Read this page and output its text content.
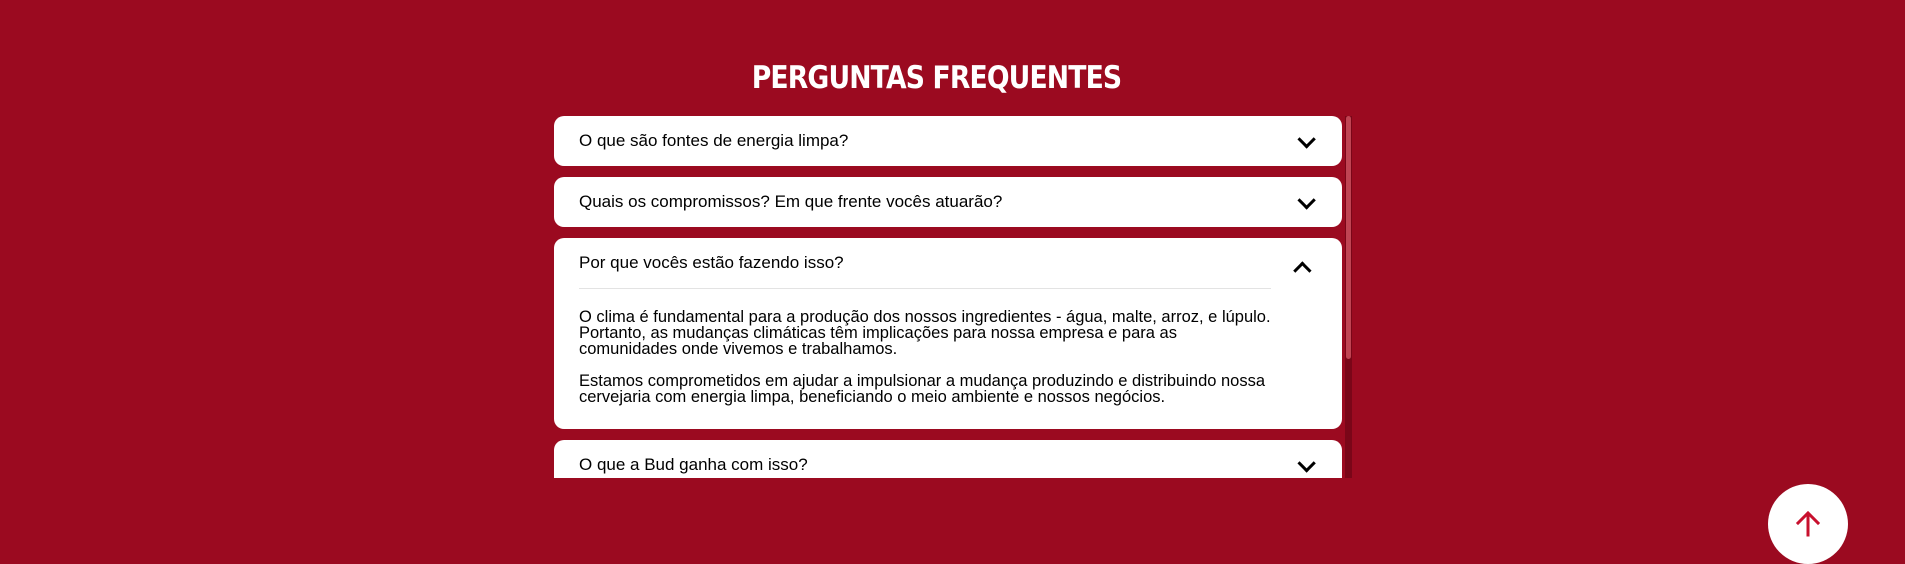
PERGUNTAS FREQUENTES
O que são fontes de energia limpa?
Quais os compromissos? Em que frente vocês atuarão?
Por que vocês estão fazendo isso?

O clima é fundamental para a produção dos nossos ingredientes - água, malte, arroz, e lúpulo. Portanto, as mudanças climáticas têm implicações para nossa empresa e para as comunidades onde vivemos e trabalhamos.

Estamos comprometidos em ajudar a impulsionar a mudança produzindo e distribuindo nossa cervejaria com energia limpa, beneficiando o meio ambiente e nossos negócios.

O que a Bud ganha com isso?
